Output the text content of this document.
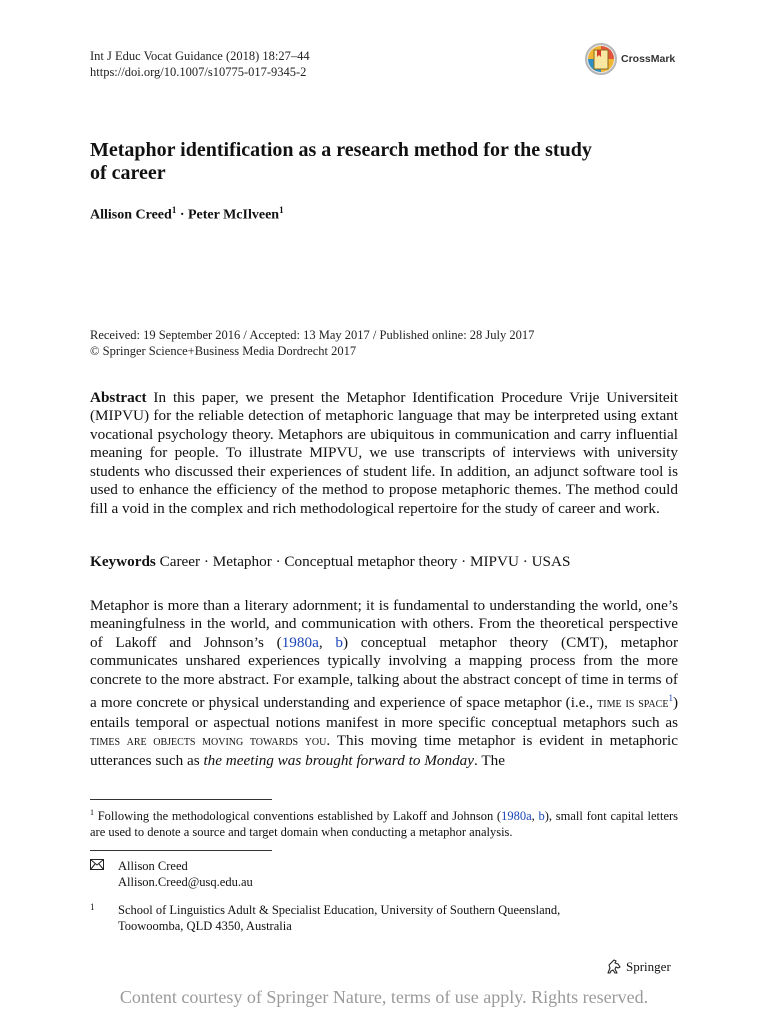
Int J Educ Vocat Guidance (2018) 18:27–44
https://doi.org/10.1007/s10775-017-9345-2
CrossMark
Metaphor identification as a research method for the study of career
Allison Creed$^1$ · Peter McIlveen$^1$
Received: 19 September 2016 / Accepted: 13 May 2017 / Published online: 28 July 2017
© Springer Science+Business Media Dordrecht 2017

Abstract In this paper, we present the Metaphor Identification Procedure Vrije Universiteit (MIPVU) for the reliable detection of metaphoric language that may be interpreted using extant vocational psychology theory. Metaphors are ubiquitous in communication and carry influential meaning for people. To illustrate MIPVU, we use transcripts of interviews with university students who discussed their experiences of student life. In addition, an adjunct software tool is used to enhance the efficiency of the method to propose metaphoric themes. The method could fill a void in the complex and rich methodological repertoire for the study of career and work.

Keywords Career · Metaphor · Conceptual metaphor theory · MIPVU · USAS

Metaphor is more than a literary adornment; it is fundamental to understanding the world, one’s meaningfulness in the world, and communication with others. From the theoretical perspective of Lakoff and Johnson’s (1980a, b) conceptual metaphor theory (CMT), metaphor communicates unshared experiences typically involving a mapping process from the more concrete to the more abstract. For example, talking about the abstract concept of time in terms of a more concrete or physical understanding and experience of space metaphor (i.e., time is space$^1$) entails temporal or aspectual notions manifest in more specific conceptual metaphors such as times are objects moving towards you. This moving time metaphor is evident in metaphoric utterances such as the meeting was brought forward to Monday. The

$^1$ Following the methodological conventions established by Lakoff and Johnson (1980a, b), small font capital letters are used to denote a source and target domain when conducting a metaphor analysis.
Allison Creed
Allison.Creed@usq.edu.au
1	School of Linguistics Adult & Specialist Education, University of Southern Queensland,
Toowoomba, QLD 4350, Australia
Springer
Content courtesy of Springer Nature, terms of use apply. Rights reserved.
